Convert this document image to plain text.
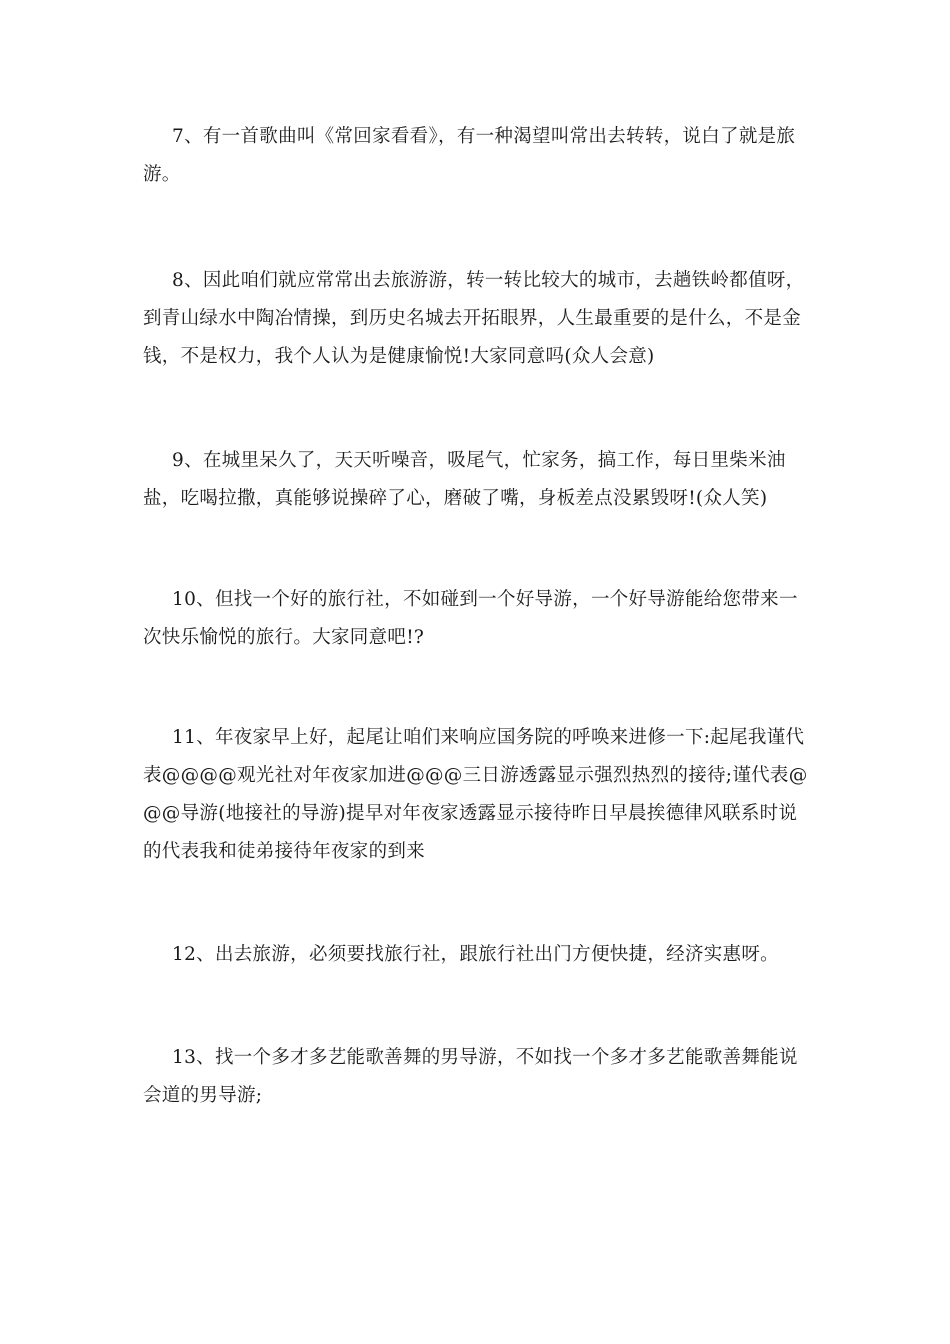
7、有一首歌曲叫《常回家看看》，有一种渴望叫常出去转转，说白了就是旅游。

8、因此咱们就应常常出去旅游游，转一转比较大的城市，去趟铁岭都值呀，到青山绿水中陶冶情操，到历史名城去开拓眼界，人生最重要的是什么，不是金钱，不是权力，我个人认为是健康愉悦!大家同意吗(众人会意)

9、在城里呆久了，天天听噪音，吸尾气，忙家务，搞工作，每日里柴米油盐，吃喝拉撒，真能够说操碎了心，磨破了嘴，身板差点没累毁呀!(众人笑)

10、但找一个好的旅行社，不如碰到一个好导游，一个好导游能给您带来一次快乐愉悦的旅行。大家同意吧!?

11、年夜家早上好，起尾让咱们来响应国务院的呼唤来进修一下:起尾我谨代表@@@@观光社对年夜家加进@@@三日游透露显示强烈热烈的接待;谨代表@@@导游(地接社的导游)提早对年夜家透露显示接待昨日早晨挨德律风联系时说的代表我和徒弟接待年夜家的到来

12、出去旅游，必须要找旅行社，跟旅行社出门方便快捷，经济实惠呀。

13、找一个多才多艺能歌善舞的男导游，不如找一个多才多艺能歌善舞能说会道的男导游;
